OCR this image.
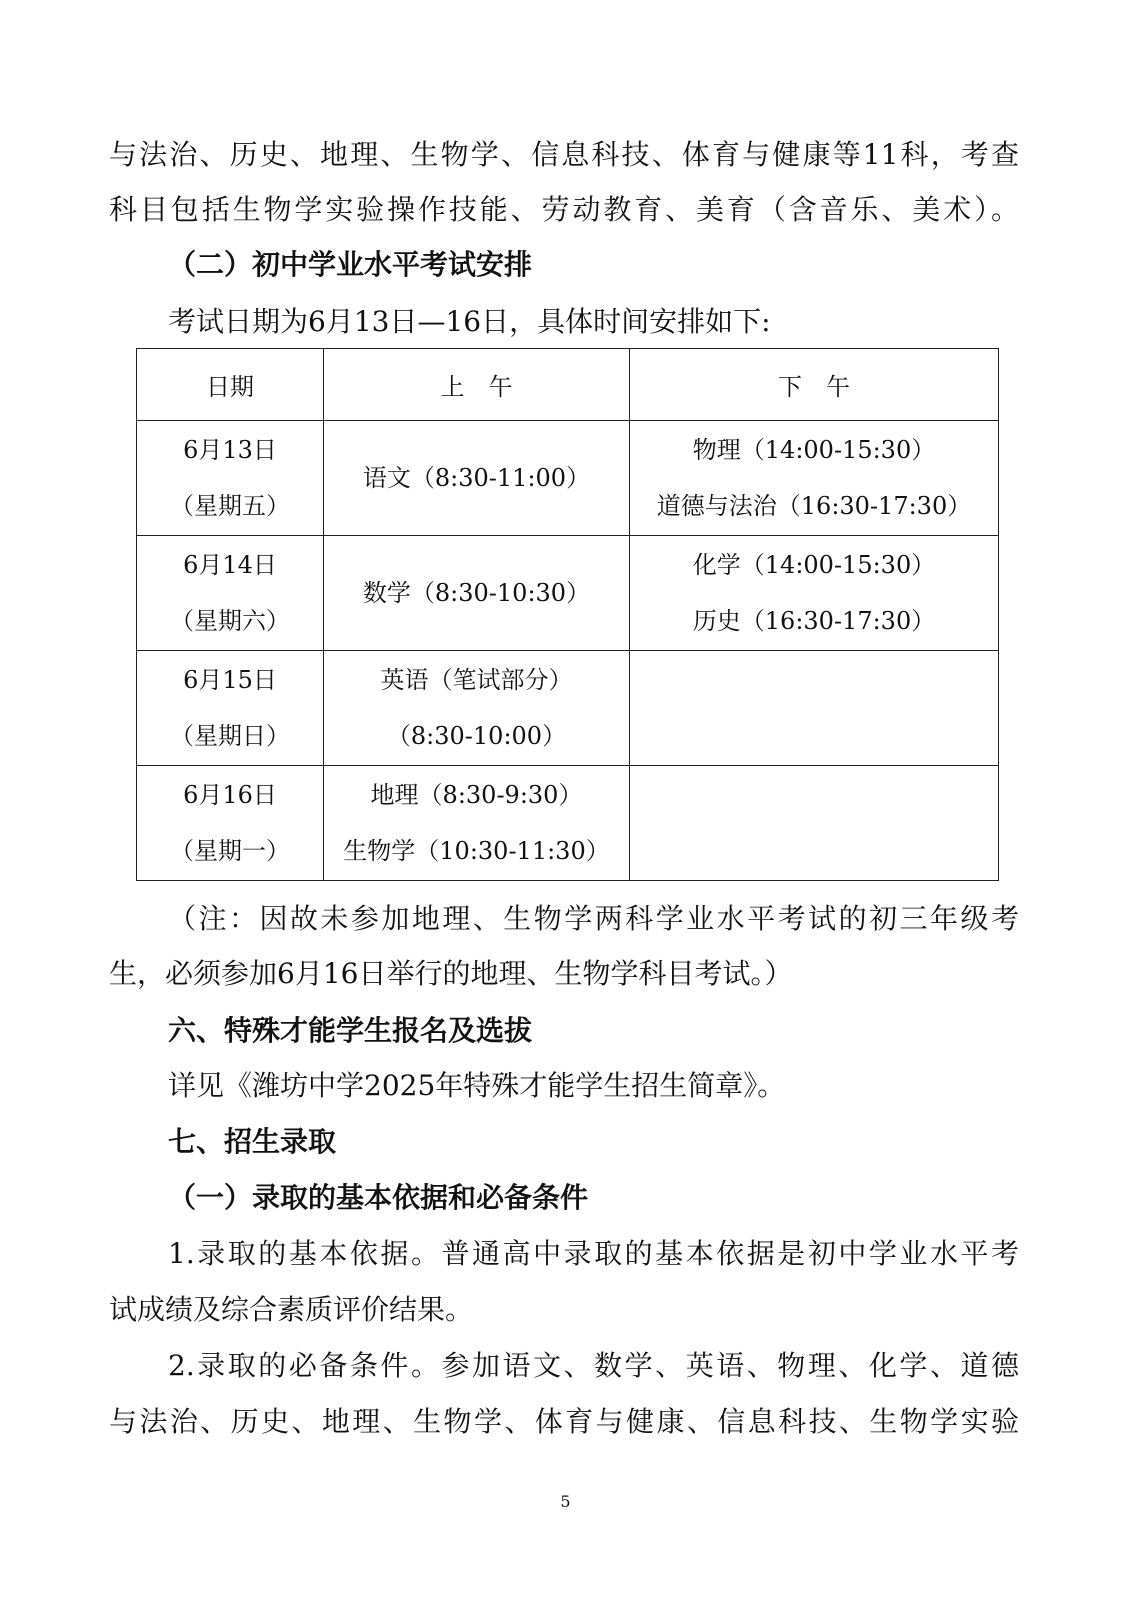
与法治、历史、地理、生物学、信息科技、体育与健康等11科，考查
科目包括生物学实验操作技能、劳动教育、美育（含音乐、美术）。
（二）初中学业水平考试安排
考试日期为6月13日—16日，具体时间安排如下:
日期	上　午	下　午

6月13日
（星期五）	语文（8:30-11:00）	物理（14:00-15:30）
道德与法治（16:30-17:30）

6月14日
（星期六）	数学（8:30-10:30）	化学（14:00-15:30）
历史（16:30-17:30）

6月15日
（星期日）	英语（笔试部分）
（8:30-10:00）	

6月16日
（星期一）	地理（8:30-9:30）
生物学（10:30-11:30）	

（注：因故未参加地理、生物学两科学业水平考试的初三年级考
生，必须参加6月16日举行的地理、生物学科目考试。）
六、特殊才能学生报名及选拔
详见《潍坊中学2025年特殊才能学生招生简章》。
七、招生录取
（一）录取的基本依据和必备条件
1.录取的基本依据。普通高中录取的基本依据是初中学业水平考
试成绩及综合素质评价结果。
2.录取的必备条件。参加语文、数学、英语、物理、化学、道德
与法治、历史、地理、生物学、体育与健康、信息科技、生物学实验
5
